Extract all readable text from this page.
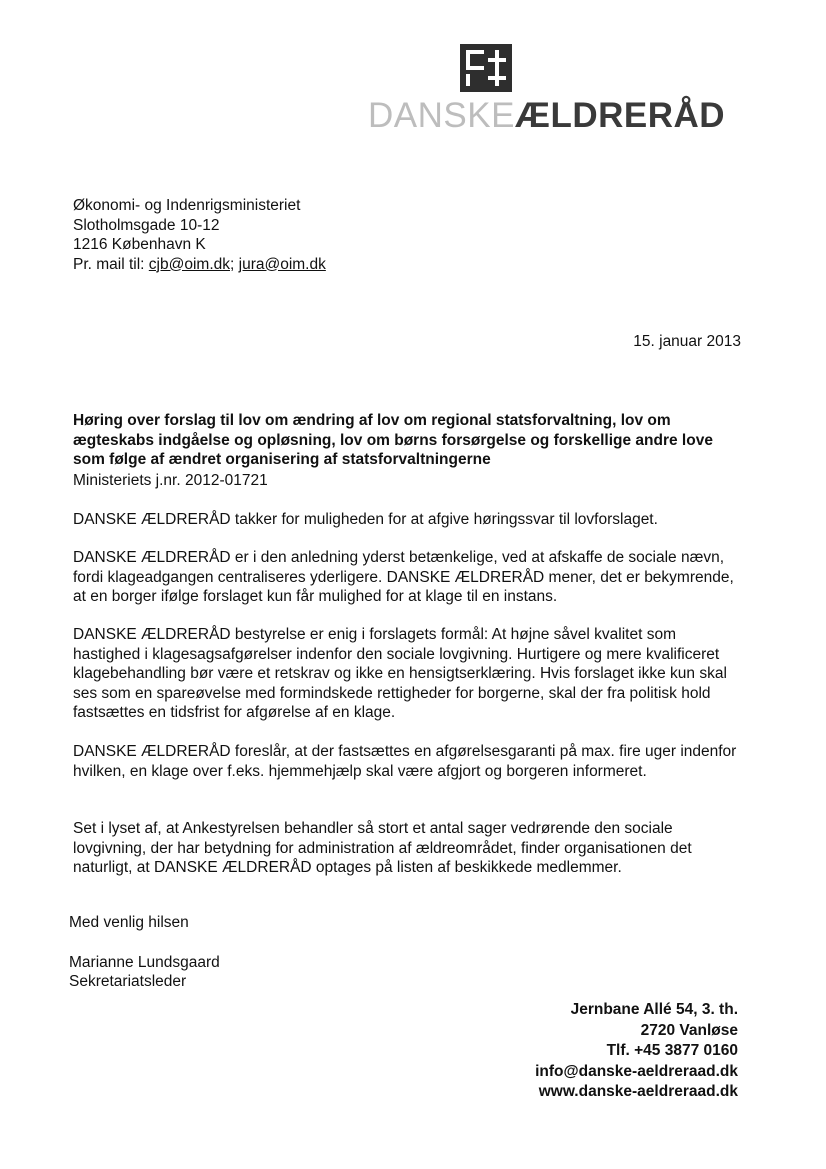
DANSKEÆLDRERÅD
Økonomi- og Indenrigsministeriet
Slotholmsgade 10-12
1216 København K
Pr. mail til: cjb@oim.dk; jura@oim.dk
15. januar 2013
Høring over forslag til lov om ændring af lov om regional statsforvaltning, lov om ægteskabs indgåelse og opløsning, lov om børns forsørgelse og forskellige andre love som følge af ændret organisering af statsforvaltningerne
Ministeriets j.nr. 2012-01721
DANSKE ÆLDRERÅD takker for muligheden for at afgive høringssvar til lovforslaget.
DANSKE ÆLDRERÅD er i den anledning yderst betænkelige, ved at afskaffe de sociale nævn, fordi klageadgangen centraliseres yderligere. DANSKE ÆLDRERÅD mener, det er bekymrende, at en borger ifølge forslaget kun får mulighed for at klage til en instans.
DANSKE ÆLDRERÅD bestyrelse er enig i forslagets formål: At højne såvel kvalitet som hastighed i klagesagsafgørelser indenfor den sociale lovgivning. Hurtigere og mere kvalificeret klagebehandling bør være et retskrav og ikke en hensigtserklæring. Hvis forslaget ikke kun skal ses som en spareøvelse med formindskede rettigheder for borgerne, skal der fra politisk hold fastsættes en tidsfrist for afgørelse af en klage.
DANSKE ÆLDRERÅD foreslår, at der fastsættes en afgørelsesgaranti på max. fire uger indenfor hvilken, en klage over f.eks. hjemmehjælp skal være afgjort og borgeren informeret.
Set i lyset af, at Ankestyrelsen behandler så stort et antal sager vedrørende den sociale lovgivning, der har betydning for administration af ældreområdet, finder organisationen det naturligt, at DANSKE ÆLDRERÅD optages på listen af beskikkede medlemmer.
Med venlig hilsen
Marianne Lundsgaard
Sekretariatsleder
Jernbane Allé 54, 3. th.
2720 Vanløse
Tlf. +45 3877 0160
info@danske-aeldreraad.dk
www.danske-aeldreraad.dk
